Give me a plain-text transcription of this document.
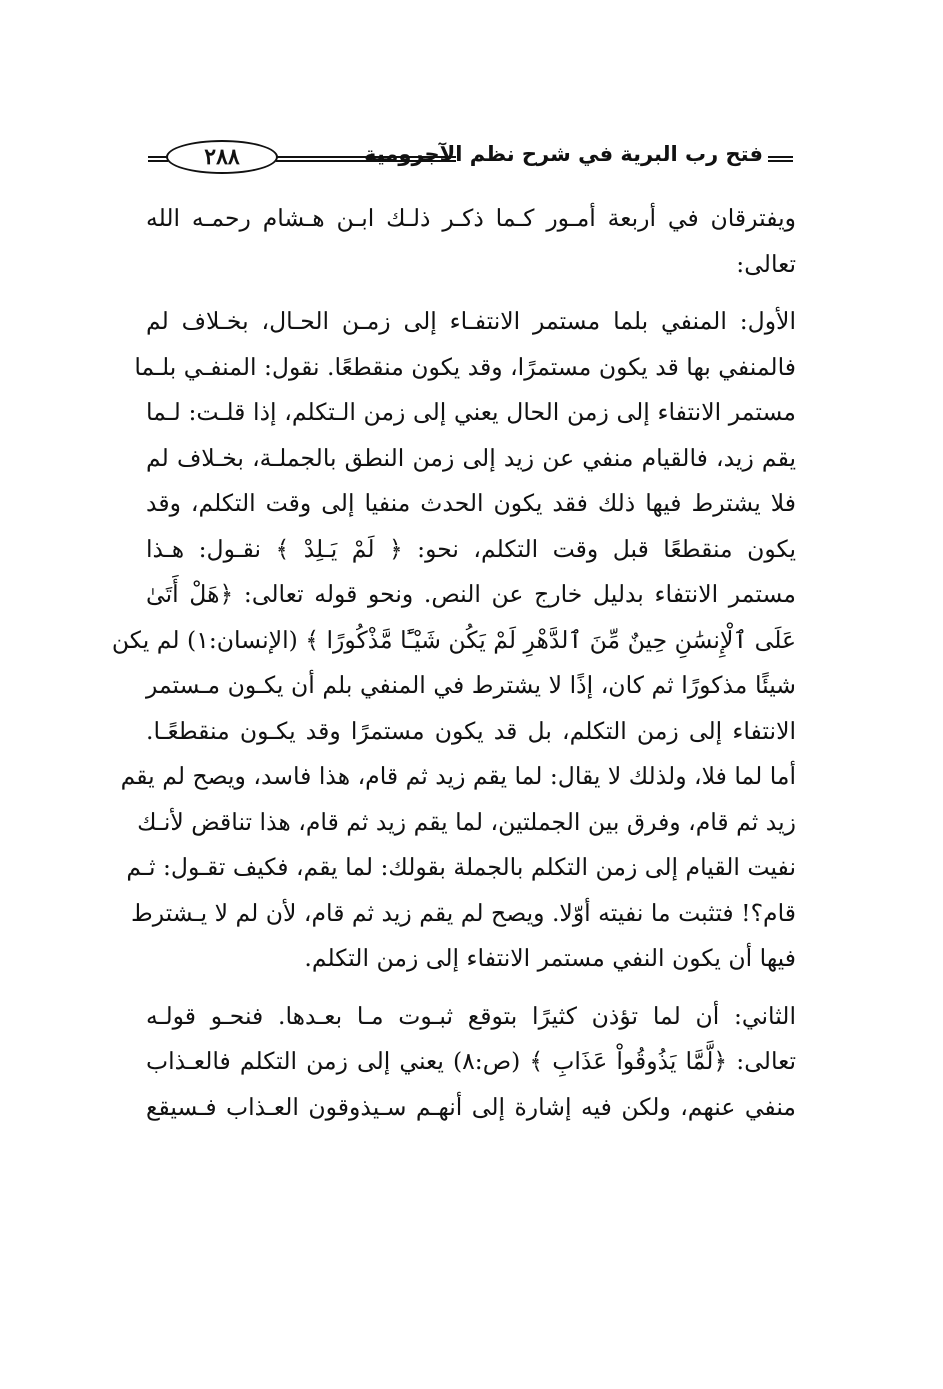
٢٨٨	فتح رب البرية في شرح نظم الآجرومية

ويفترقان في أربعة أمـور كـما ذكـر ذلـك ابـن هـشام رحمـه الله
تعالى:

الأول: المنفي بلما مستمر الانتفـاء إلى زمـن الحـال، بخـلاف لم
فالمنفي بها قد يكون مستمرًا، وقد يكون منقطعًا. نقول: المنفـي بلـما
مستمر الانتفاء إلى زمن الحال يعني إلى زمن الـتكلم، إذا قلـت: لـما
يقم زيد، فالقيام منفي عن زيد إلى زمن النطق بالجملـة، بخـلاف لم
فلا يشترط فيها ذلك فقد يكون الحدث منفيا إلى وقت التكلم، وقد
يكون منقطعًا قبل وقت التكلم، نحو: ﴿ لَمْ يَـلِدْ ﴾ نقـول: هـذا
مستمر الانتفاء بدليل خارج عن النص. ونحو قوله تعالى: ﴿هَلْ أَتَىٰ
عَلَى ٱلْإِنسَٰنِ حِينٌ مِّنَ ٱلدَّهْرِ لَمْ يَكُن شَيْـًٔا مَّذْكُورًا ﴾ (الإنسان:١) لم يكن
شيئًا مذكورًا ثم كان، إذًا لا يشترط في المنفي بلم أن يكـون مـستمر
الانتفاء إلى زمن التكلم، بل قد يكون مستمرًا وقد يكـون منقطعًـا.
أما لما فلا، ولذلك لا يقال: لما يقم زيد ثم قام، هذا فاسد، ويصح لم يقم
زيد ثم قام، وفرق بين الجملتين، لما يقم زيد ثم قام، هذا تناقض لأنـك
نفيت القيام إلى زمن التكلم بالجملة بقولك: لما يقم، فكيف تقـول: ثـم
قام؟! فتثبت ما نفيته أوّلا. ويصح لم يقم زيد ثم قام، لأن لم لا يـشترط
فيها أن يكون النفي مستمر الانتفاء إلى زمن التكلم.

الثاني: أن لما تؤذن كثيرًا بتوقع ثبـوت مـا بعـدها. فنحـو قولـه
تعالى: ﴿لَّمَّا يَذُوقُواْ عَذَابِ ﴾ (ص:٨) يعني إلى زمن التكلم فالعـذاب
منفي عنهم، ولكن فيه إشارة إلى أنهـم سـيذوقون العـذاب فـسيقع
